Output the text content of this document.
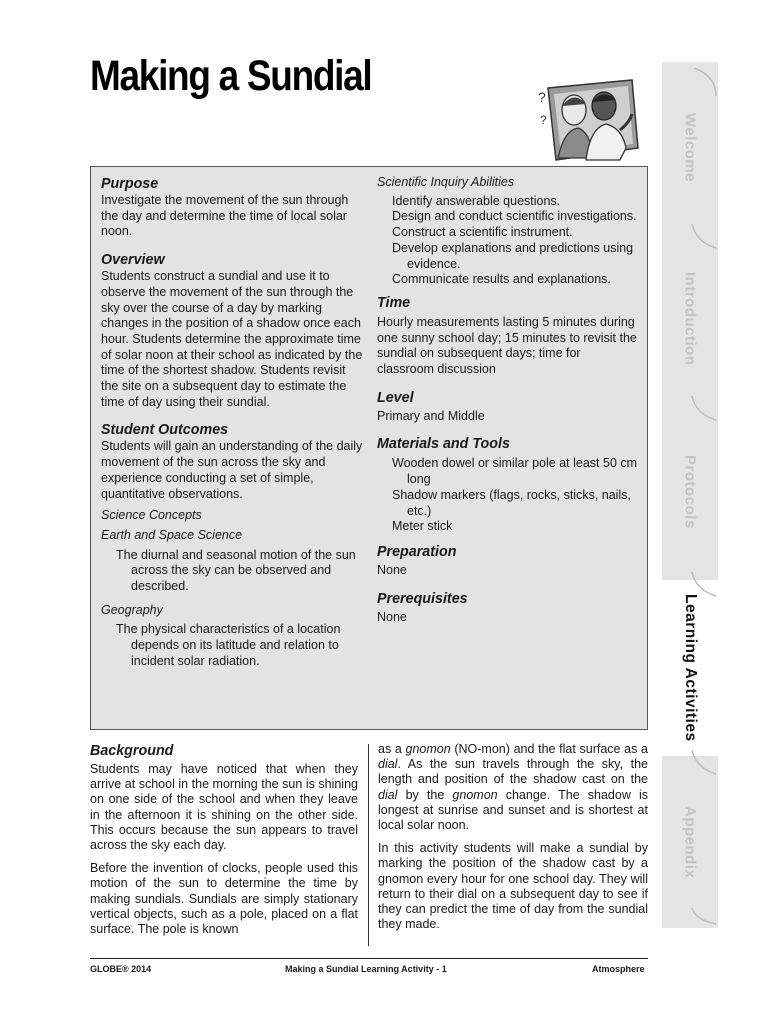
Making a Sundial	?
?

Purpose

Investigate the movement of the sun through the day and determine the time of local solar noon.

Overview

Students construct a sundial and use it to observe the movement of the sun through the sky over the course of a day by marking changes in the position of a shadow once each hour. Students determine the approximate time of solar noon at their school as indicated by the time of the shortest shadow. Students revisit the site on a subsequent day to estimate the time of day using their sundial.

Student Outcomes

Students will gain an understanding of the daily movement of the sun across the sky and experience conducting a set of simple, quantitative observations.

Science Concepts

Earth and Space Science

The diurnal and seasonal motion of the sun across the sky can be observed and described.

Geography

The physical characteristics of a location depends on its latitude and relation to incident solar radiation.

Scientific Inquiry Abilities

Identify answerable questions.

Design and conduct scientific investigations.

Construct a scientific instrument.

Develop explanations and predictions using evidence.

Communicate results and explanations.

Time

Hourly measurements lasting 5 minutes during one sunny school day; 15 minutes to revisit the sundial on subsequent days; time for classroom discussion

Level

Primary and Middle

Materials and Tools

Wooden dowel or similar pole at least 50 cm long

Shadow markers (flags, rocks, sticks, nails, etc.)

Meter stick

Preparation

None

Prerequisites

None

Background

Students may have noticed that when they arrive at school in the morning the sun is shining on one side of the school and when they leave in the afternoon it is shining on the other side. This occurs because the sun appears to travel across the sky each day.

Before the invention of clocks, people used this motion of the sun to determine the time by making sundials. Sundials are simply stationary vertical objects, such as a pole, placed on a flat surface. The pole is known

as a gnomon (NO-mon) and the flat surface as a dial. As the sun travels through the sky, the length and position of the shadow cast on the dial by the gnomon change. The shadow is longest at sunrise and sunset and is shortest at local solar noon.

In this activity students will make a sundial by marking the position of the shadow cast by a gnomon every hour for one school day. They will return to their dial on a subsequent day to see if they can predict the time of day from the sundial they made.

GLOBE® 2014	Making a Sundial Learning Activity - 1	Atmosphere
Welcome
Introduction
Protocols
Learning Activities
Appendix
